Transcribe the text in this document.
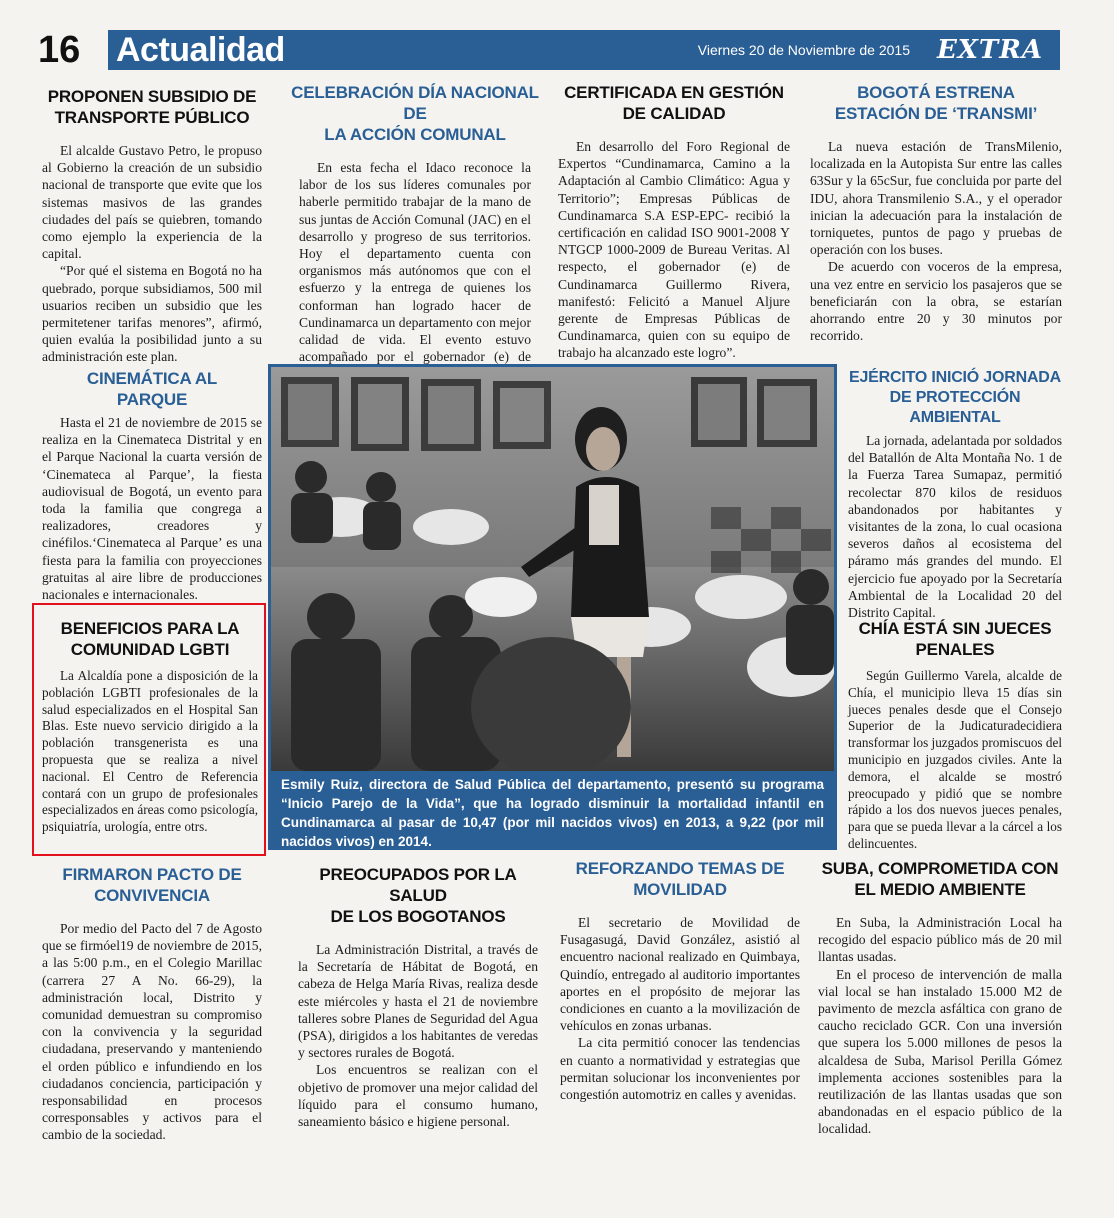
16	Actualidad	Viernes 20 de Noviembre de 2015	EXTRA
PROPONEN SUBSIDIO DE
TRANSPORTE PÚBLICO

El alcalde Gustavo Petro, le propuso al Gobierno la creación de un subsidio nacional de transporte que evite que los sistemas masivos de las grandes ciudades del país se quiebren, tomando como ejemplo la experiencia de la capital.

“Por qué el sistema en Bogotá no ha quebrado, porque subsidiamos, 500 mil usuarios reciben un subsidio que les permitetener tarifas menores”, afirmó, quien evalúa la posibilidad junto a su administración este plan.

CELEBRACIÓN DÍA NACIONAL DE
LA ACCIÓN COMUNAL

En esta fecha el Idaco reconoce la labor de los sus líderes comunales por haberle permitido trabajar de la mano de sus juntas de Acción Comunal (JAC) en el desarrollo y progreso de sus territorios. Hoy el departamento cuenta con organismos más autónomos que con el esfuerzo y la entrega de quienes los conforman han logrado hacer de Cundinamarca un departamento con mejor calidad de vida. El evento estuvo acompañado por el gobernador (e) de

CERTIFICADA EN GESTIÓN
DE CALIDAD

En desarrollo del Foro Regional de Expertos “Cundinamarca, Camino a la Adaptación al Cambio Climático: Agua y Territorio”; Empresas Públicas de Cundinamarca S.A ESP-EPC- recibió la certificación en calidad ISO 9001-2008 Y NTGCP 1000-2009 de Bureau Veritas. Al respecto, el gobernador (e) de Cundinamarca Guillermo Rivera, manifestó: Felicitó a Manuel Aljure gerente de Empresas Públicas de Cundinamarca, quien con su equipo de trabajo ha alcanzado este logro”.

BOGOTÁ ESTRENA
ESTACIÓN DE ‘TRANSMI’

La nueva estación de TransMilenio, localizada en la Autopista Sur entre las calles 63Sur y la 65cSur, fue concluida por parte del IDU, ahora Transmilenio S.A., y el operador inician la adecuación para la instalación de torniquetes, puntos de pago y pruebas de operación con los buses.

De acuerdo con voceros de la empresa, una vez entre en servicio los pasajeros que se beneficiarán con la obra, se estarían ahorrando entre 20 y 30 minutos por recorrido.

CINEMÁTICA AL
PARQUE

Hasta el 21 de noviembre de 2015 se realiza en la Cinemateca Distrital y en el Parque Nacional la cuarta versión de ‘Cinemateca al Parque’, la fiesta audiovisual de Bogotá, un evento para toda la familia que congrega a realizadores, creadores y cinéfilos.‘Cinemateca al Parque’ es una fiesta para la familia con proyecciones gratuitas al aire libre de producciones nacionales e internacionales.

BENEFICIOS PARA LA
COMUNIDAD LGBTI

La Alcaldía pone a disposición de la población LGBTI profesionales de la salud especializados en el Hospital San Blas. Este nuevo servicio dirigido a la población transgenerista es una propuesta que se realiza a nivel nacional. El Centro de Referencia contará con un grupo de profesionales especializados en áreas como psicología, psiquiatría, urología, entre otrs.

Esmily Ruiz, directora de Salud Pública del departamento, presentó su programa “Inicio Parejo de la Vida”, que ha logrado disminuir la mortalidad infantil en Cundinamarca al pasar de 10,47 (por mil nacidos vivos) en 2013, a 9,22 (por mil nacidos vivos) en 2014.
EJÉRCITO INICIÓ JORNADA
DE PROTECCIÓN AMBIENTAL

La jornada, adelantada por soldados del Batallón de Alta Montaña No. 1 de la Fuerza Tarea Sumapaz, permitió recolectar 870 kilos de residuos abandonados por habitantes y visitantes de la zona, lo cual ocasiona severos daños al ecosistema del páramo más grandes del mundo. El ejercicio fue apoyado por la Secretaría Ambiental de la Localidad 20 del Distrito Capital.

CHÍA ESTÁ SIN JUECES
PENALES

Según Guillermo Varela, alcalde de Chía, el municipio lleva 15 días sin jueces penales desde que el Consejo Superior de la Judicaturadecidiera transformar los juzgados promiscuos del municipio en juzgados civiles. Ante la demora, el alcalde se mostró preocupado y pidió que se nombre rápido a los dos nuevos jueces penales, para que se pueda llevar a la cárcel a los delincuentes.

FIRMARON PACTO DE
CONVIVENCIA

Por medio del Pacto del 7 de Agosto que se firmóel19 de noviembre de 2015, a las 5:00 p.m., en el Colegio Marillac (carrera 27 A No. 66-29), la administración local, Distrito y comunidad demuestran su compromiso con la convivencia y la seguridad ciudadana, preservando y manteniendo el orden público e infundiendo en los ciudadanos conciencia, participación y responsabilidad en procesos corresponsables y activos para el cambio de la sociedad.

PREOCUPADOS POR LA SALUD
DE LOS BOGOTANOS

La Administración Distrital, a través de la Secretaría de Hábitat de Bogotá, en cabeza de Helga María Rivas, realiza desde este miércoles y hasta el 21 de noviembre talleres sobre Planes de Seguridad del Agua (PSA), dirigidos a los habitantes de veredas y sectores rurales de Bogotá.

Los encuentros se realizan con el objetivo de promover una mejor calidad del líquido para el consumo humano, saneamiento básico e higiene personal.

REFORZANDO TEMAS DE
MOVILIDAD

El secretario de Movilidad de Fusagasugá, David González, asistió al encuentro nacional realizado en Quimbaya, Quindío, entregado al auditorio importantes aportes en el propósito de mejorar las condiciones en cuanto a la movilización de vehículos en zonas urbanas.

La cita permitió conocer las tendencias en cuanto a normatividad y estrategias que permitan solucionar los inconvenientes por congestión automotriz en calles y avenidas.

SUBA, COMPROMETIDA CON
EL MEDIO AMBIENTE

En Suba, la Administración Local ha recogido del espacio público más de 20 mil llantas usadas.

En el proceso de intervención de malla vial local se han instalado 15.000 M2 de pavimento de mezcla asfáltica con grano de caucho reciclado GCR. Con una inversión que supera los 5.000 millones de pesos la alcaldesa de Suba, Marisol Perilla Gómez implementa acciones sostenibles para la reutilización de las llantas usadas que son abandonadas en el espacio público de la localidad.
